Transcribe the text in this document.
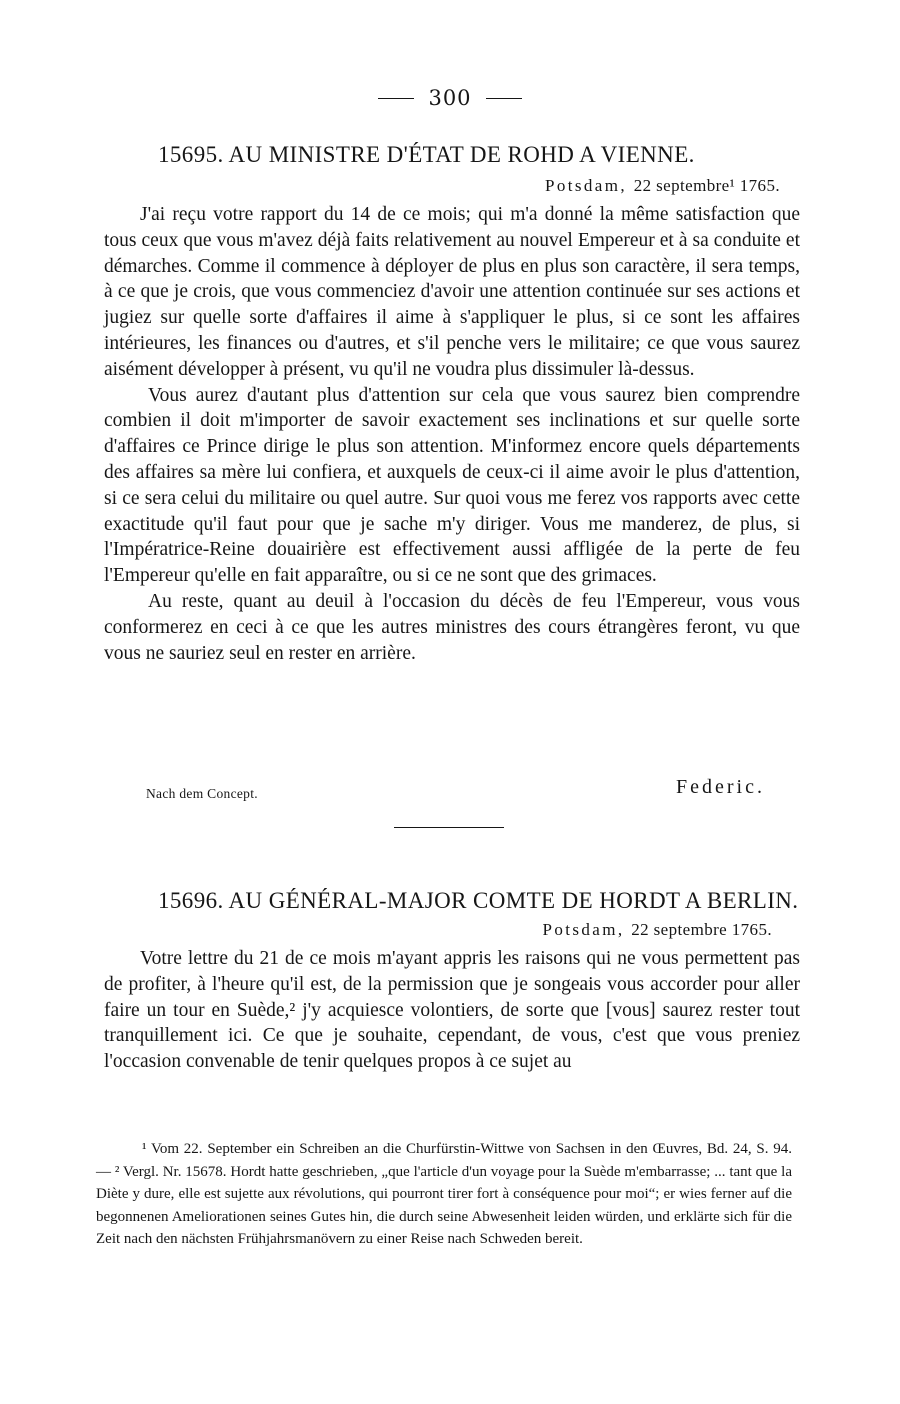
300
15695. AU MINISTRE D'ÉTAT DE ROHD A VIENNE.
Potsdam, 22 septembre¹ 1765.

J'ai reçu votre rapport du 14 de ce mois; qui m'a donné la même satisfaction que tous ceux que vous m'avez déjà faits relativement au nouvel Empereur et à sa conduite et démarches. Comme il commence à déployer de plus en plus son caractère, il sera temps, à ce que je crois, que vous commenciez d'avoir une attention continuée sur ses actions et jugiez sur quelle sorte d'affaires il aime à s'appliquer le plus, si ce sont les affaires intérieures, les finances ou d'autres, et s'il penche vers le militaire; ce que vous saurez aisément développer à présent, vu qu'il ne voudra plus dissimuler là-dessus.

Vous aurez d'autant plus d'attention sur cela que vous saurez bien comprendre combien il doit m'importer de savoir exactement ses inclinations et sur quelle sorte d'affaires ce Prince dirige le plus son attention. M'informez encore quels départements des affaires sa mère lui confiera, et auxquels de ceux-ci il aime avoir le plus d'attention, si ce sera celui du militaire ou quel autre. Sur quoi vous me ferez vos rapports avec cette exactitude qu'il faut pour que je sache m'y diriger. Vous me manderez, de plus, si l'Impératrice-Reine douairière est effectivement aussi affligée de la perte de feu l'Empereur qu'elle en fait apparaître, ou si ce ne sont que des grimaces.

Au reste, quant au deuil à l'occasion du décès de feu l'Empereur, vous vous conformerez en ceci à ce que les autres ministres des cours étrangères feront, vu que vous ne sauriez seul en rester en arrière.

Nach dem Concept.	Federic.
15696. AU GÉNÉRAL-MAJOR COMTE DE HORDT A BERLIN.
Potsdam, 22 septembre 1765.

Votre lettre du 21 de ce mois m'ayant appris les raisons qui ne vous permettent pas de profiter, à l'heure qu'il est, de la permission que je songeais vous accorder pour aller faire un tour en Suède,² j'y acquiesce volontiers, de sorte que [vous] saurez rester tout tranquillement ici. Ce que je souhaite, cependant, de vous, c'est que vous preniez l'occasion convenable de tenir quelques propos à ce sujet au

¹ Vom 22. September ein Schreiben an die Churfürstin-Wittwe von Sachsen in den Œuvres, Bd. 24, S. 94. — ² Vergl. Nr. 15678. Hordt hatte geschrieben, „que l'article d'un voyage pour la Suède m'embarrasse; ... tant que la Diète y dure, elle est sujette aux révolutions, qui pourront tirer fort à conséquence pour moi“; er wies ferner auf die begonnenen Ameliorationen seines Gutes hin, die durch seine Abwesenheit leiden würden, und erklärte sich für die Zeit nach den nächsten Frühjahrsmanövern zu einer Reise nach Schweden bereit.
